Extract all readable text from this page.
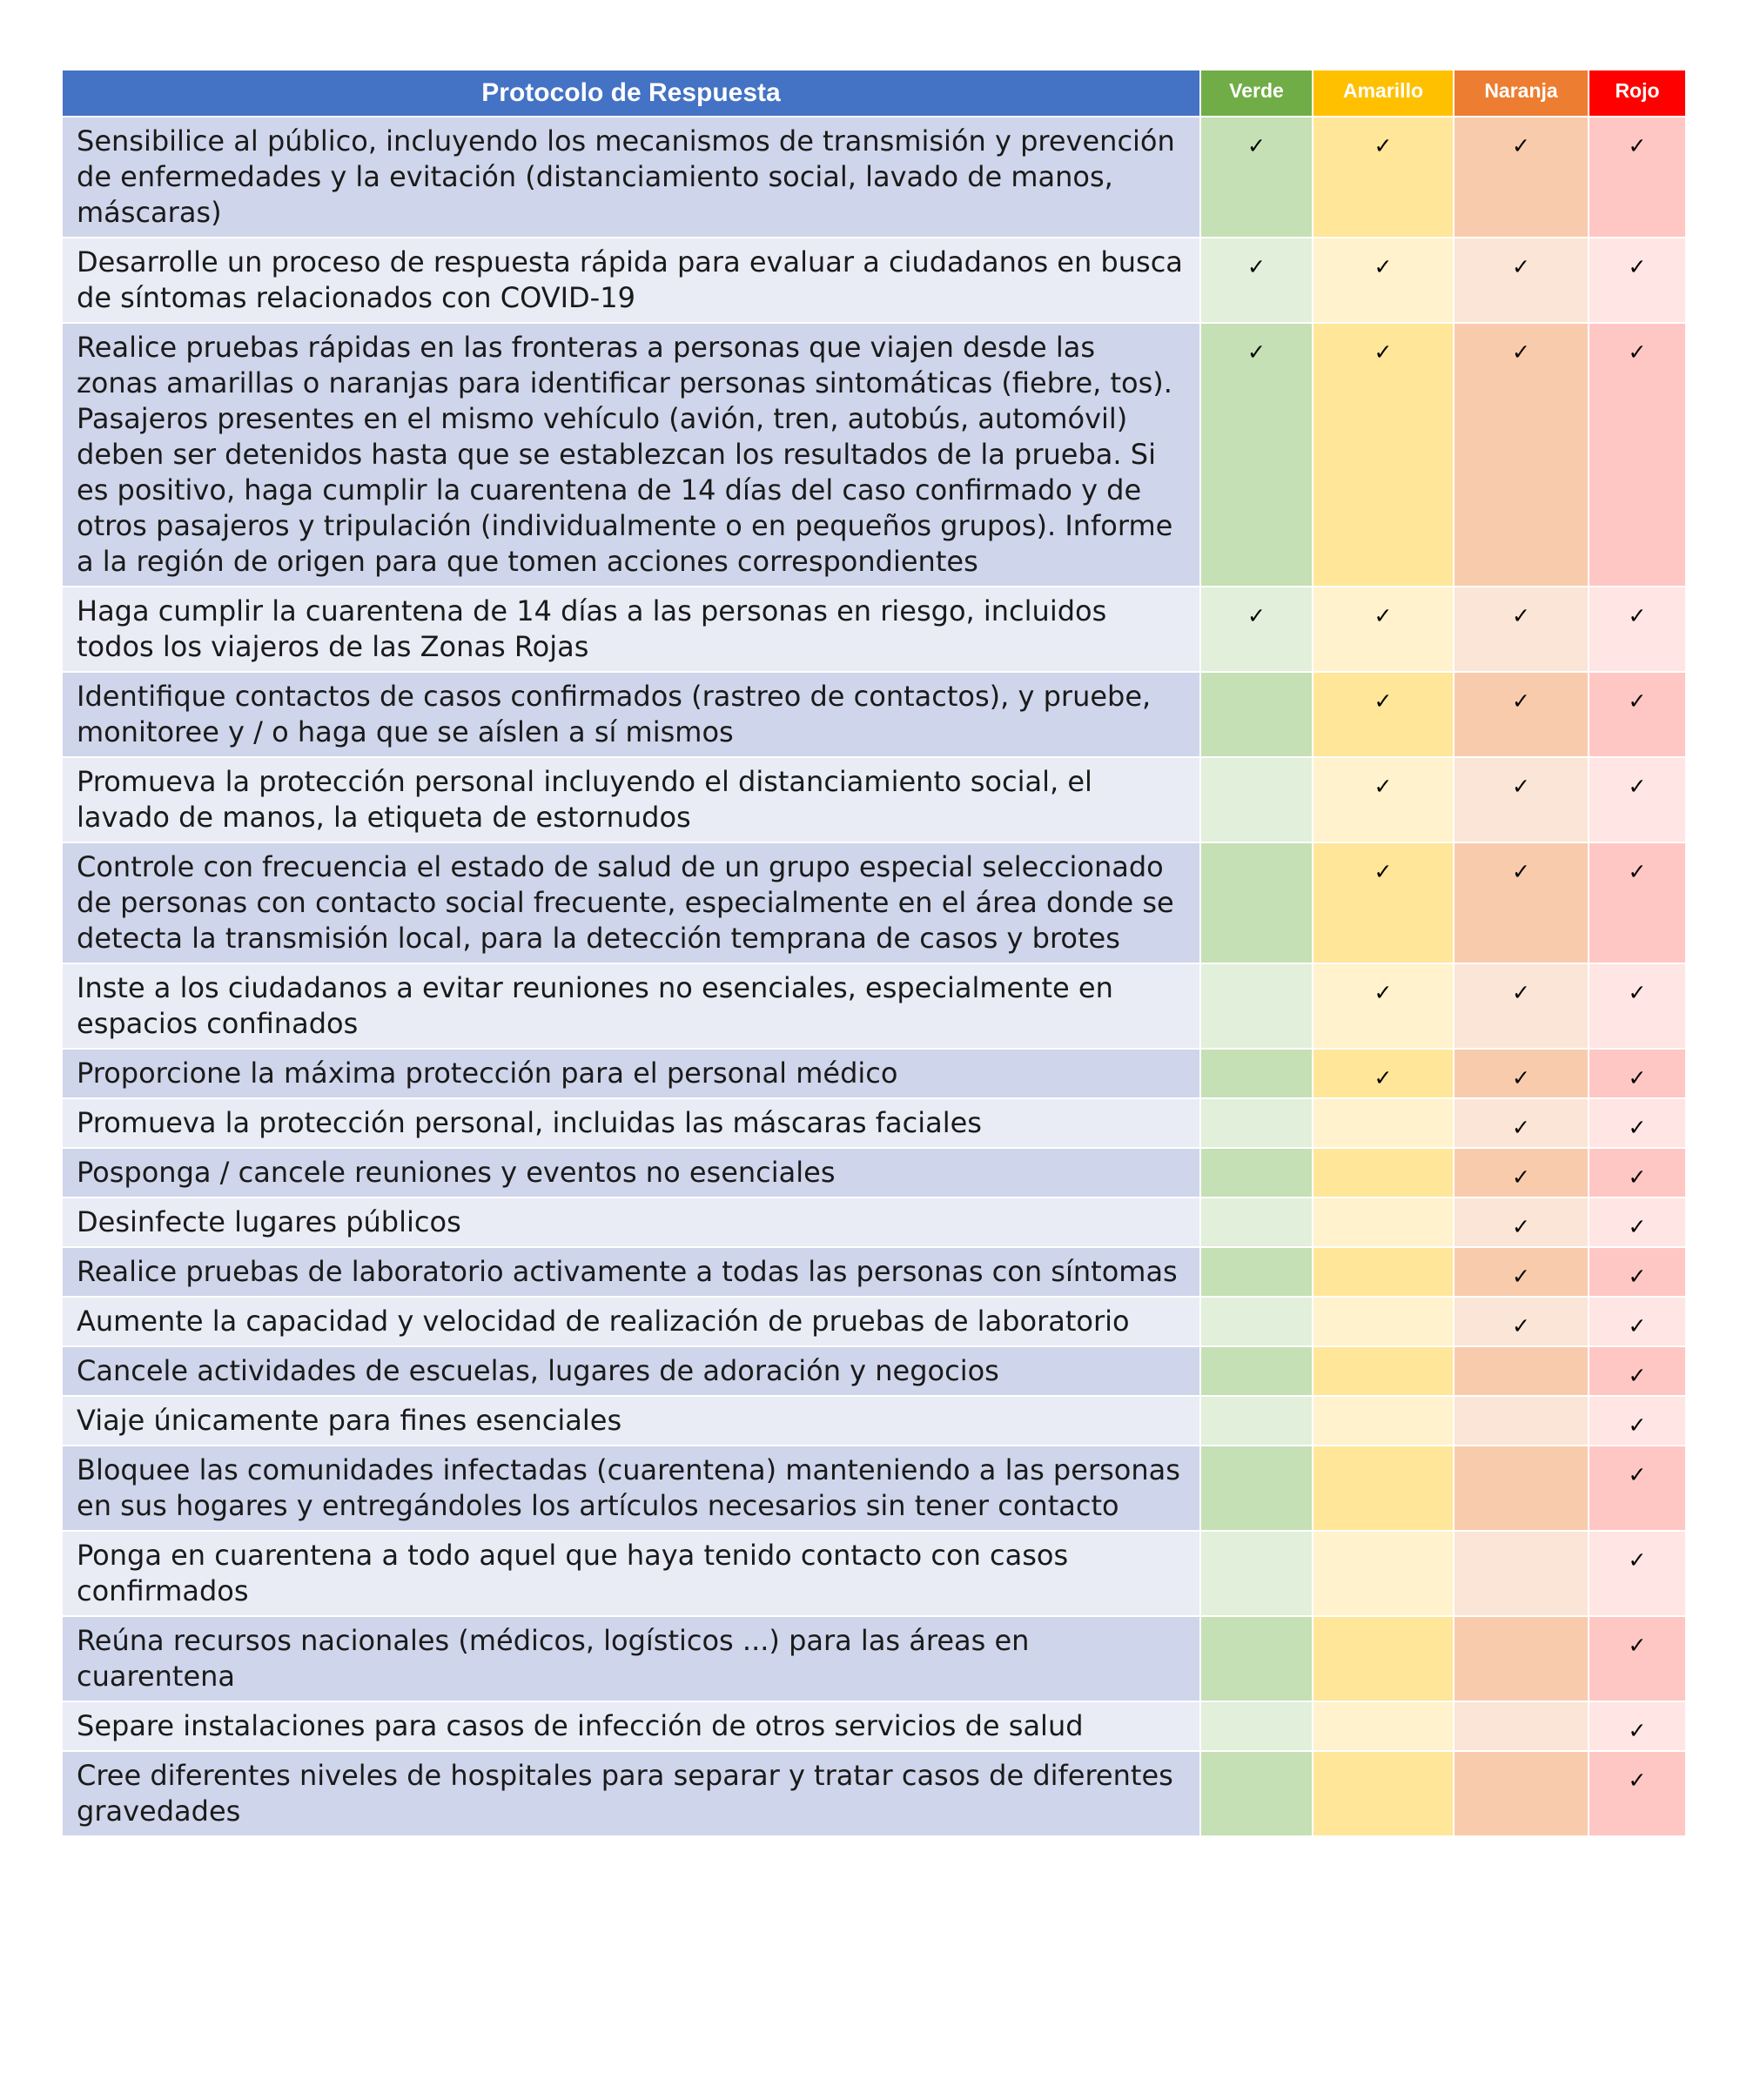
Protocolo de Respuesta	Verde	Amarillo	Naranja	Rojo
Sensibilice al público, incluyendo los mecanismos de transmisión y prevención de enfermedades y la evitación (distanciamiento social, lavado de manos, máscaras)	✓	✓	✓	✓
Desarrolle un proceso de respuesta rápida para evaluar a ciudadanos en busca de síntomas relacionados con COVID-19	✓	✓	✓	✓
Realice pruebas rápidas en las fronteras a personas que viajen desde las zonas amarillas o naranjas para identificar personas sintomáticas (fiebre, tos). Pasajeros presentes en el mismo vehículo (avión, tren, autobús, automóvil) deben ser detenidos hasta que se establezcan los resultados de la prueba. Si es positivo, haga cumplir la cuarentena de 14 días del caso confirmado y de otros pasajeros y tripulación (individualmente o en pequeños grupos). Informe a la región de origen para que tomen acciones correspondientes	✓	✓	✓	✓
Haga cumplir la cuarentena de 14 días a las personas en riesgo, incluidos todos los viajeros de las Zonas Rojas	✓	✓	✓	✓
Identifique contactos de casos confirmados (rastreo de contactos), y pruebe, monitoree y / o haga que se aíslen a sí mismos		✓	✓	✓
Promueva la protección personal incluyendo el distanciamiento social, el lavado de manos, la etiqueta de estornudos		✓	✓	✓
Controle con frecuencia el estado de salud de un grupo especial seleccionado de personas con contacto social frecuente, especialmente en el área donde se detecta la transmisión local, para la detección temprana de casos y brotes		✓	✓	✓
Inste a los ciudadanos a evitar reuniones no esenciales, especialmente en espacios confinados		✓	✓	✓
Proporcione la máxima protección para el personal médico		✓	✓	✓
Promueva la protección personal, incluidas las máscaras faciales			✓	✓
Posponga / cancele reuniones y eventos no esenciales			✓	✓
Desinfecte lugares públicos			✓	✓
Realice pruebas de laboratorio activamente a todas las personas con síntomas			✓	✓
Aumente la capacidad y velocidad de realización de pruebas de laboratorio			✓	✓
Cancele actividades de escuelas, lugares de adoración y negocios				✓
Viaje únicamente para fines esenciales				✓
Bloquee las comunidades infectadas (cuarentena) manteniendo a las personas en sus hogares y entregándoles los artículos necesarios sin tener contacto				✓
Ponga en cuarentena a todo aquel que haya tenido contacto con casos confirmados				✓
Reúna recursos nacionales (médicos, logísticos ...) para las áreas en cuarentena				✓
Separe instalaciones para casos de infección de otros servicios de salud				✓
Cree diferentes niveles de hospitales para separar y tratar casos de diferentes gravedades				✓
